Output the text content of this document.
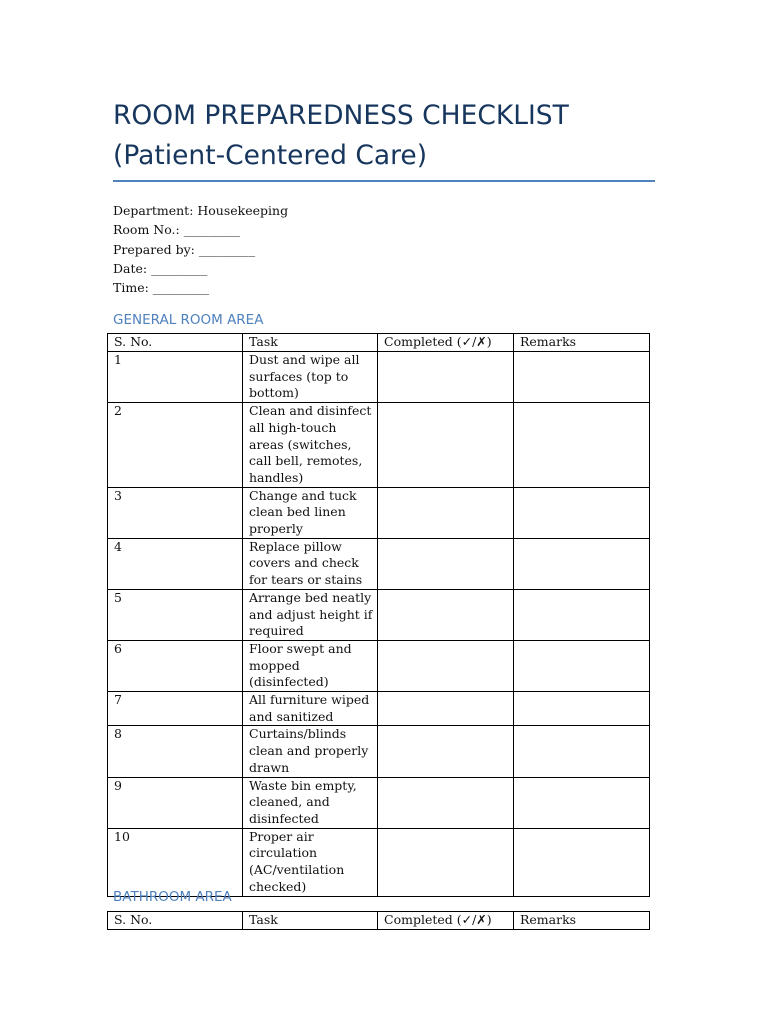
ROOM PREPAREDNESS CHECKLIST
(Patient-Centered Care)
Department: Housekeeping
Room No.: _________
Prepared by: _________
Date: _________
Time: _________
GENERAL ROOM AREA
S. No.	Task	Completed (✓/✗)	Remarks
1	Dust and wipe all surfaces (top to bottom)		
2	Clean and disinfect all high-touch areas (switches, call bell, remotes, handles)		
3	Change and tuck clean bed linen properly		
4	Replace pillow covers and check for tears or stains		
5	Arrange bed neatly and adjust height if required		
6	Floor swept and mopped (disinfected)		
7	All furniture wiped and sanitized		
8	Curtains/blinds clean and properly drawn		
9	Waste bin empty, cleaned, and disinfected		
10	Proper air circulation (AC/ventilation checked)		
BATHROOM AREA
S. No.	Task	Completed (✓/✗)	Remarks
